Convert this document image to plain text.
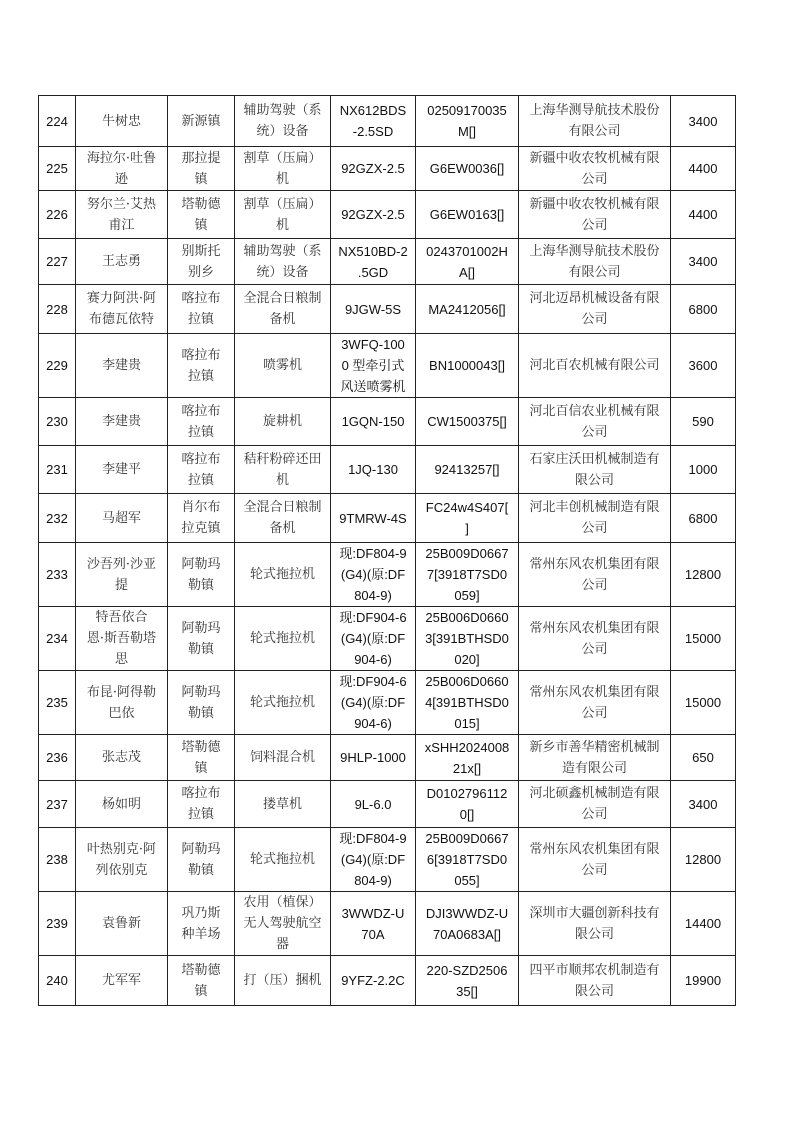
224	牛树忠	新源镇	辅助驾驶（系
统）设备	NX612BDS
-2.5SD	02509170035
M[]	上海华测导航技术股份
有限公司	3400
225	海拉尔·吐鲁
逊	那拉提
镇	割草（压扁）
机	92GZX-2.5	G6EW0036[]	新疆中收农牧机械有限
公司	4400
226	努尔兰·艾热
甫江	塔勒德
镇	割草（压扁）
机	92GZX-2.5	G6EW0163[]	新疆中收农牧机械有限
公司	4400
227	王志勇	别斯托
别乡	辅助驾驶（系
统）设备	NX510BD-2
.5GD	0243701002H
A[]	上海华测导航技术股份
有限公司	3400
228	赛力阿洪·阿
布德瓦依特	喀拉布
拉镇	全混合日粮制
备机	9JGW-5S	MA2412056[]	河北迈昂机械设备有限
公司	6800
229	李建贵	喀拉布
拉镇	喷雾机	3WFQ-100
0 型牵引式
风送喷雾机	BN1000043[]	河北百农机械有限公司	3600
230	李建贵	喀拉布
拉镇	旋耕机	1GQN-150	CW1500375[]	河北百信农业机械有限
公司	590
231	李建平	喀拉布
拉镇	秸秆粉碎还田
机	1JQ-130	92413257[]	石家庄沃田机械制造有
限公司	1000
232	马超军	肖尔布
拉克镇	全混合日粮制
备机	9TMRW-4S	FC24w4S407[
]	河北丰创机械制造有限
公司	6800
233	沙吾列·沙亚
提	阿勒玛
勒镇	轮式拖拉机	现:DF804-9
(G4)(原:DF
804-9)	25B009D0667
7[3918T7SD0
059]	常州东风农机集团有限
公司	12800
234	特吾依合
恩·斯吾勒塔
思	阿勒玛
勒镇	轮式拖拉机	现:DF904-6
(G4)(原:DF
904-6)	25B006D0660
3[391BTHSD0
020]	常州东风农机集团有限
公司	15000
235	布昆·阿得勒
巴依	阿勒玛
勒镇	轮式拖拉机	现:DF904-6
(G4)(原:DF
904-6)	25B006D0660
4[391BTHSD0
015]	常州东风农机集团有限
公司	15000
236	张志茂	塔勒德
镇	饲料混合机	9HLP-1000	xSHH2024008
21x[]	新乡市善华精密机械制
造有限公司	650
237	杨如明	喀拉布
拉镇	搂草机	9L-6.0	D0102796112
0[]	河北硕鑫机械制造有限
公司	3400
238	叶热别克·阿
列依别克	阿勒玛
勒镇	轮式拖拉机	现:DF804-9
(G4)(原:DF
804-9)	25B009D0667
6[3918T7SD0
055]	常州东风农机集团有限
公司	12800
239	袁鲁新	巩乃斯
种羊场	农用（植保）
无人驾驶航空
器	3WWDZ-U
70A	DJI3WWDZ-U
70A0683A[]	深圳市大疆创新科技有
限公司	14400
240	尤军军	塔勒德
镇	打（压）捆机	9YFZ-2.2C	220-SZD2506
35[]	四平市顺邦农机制造有
限公司	19900
